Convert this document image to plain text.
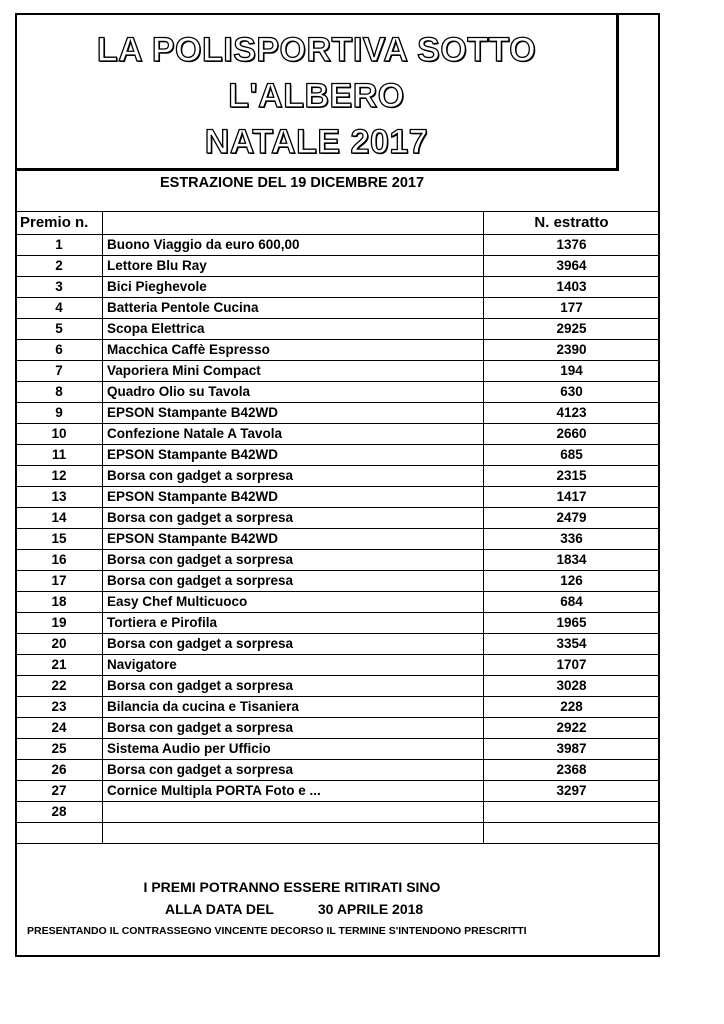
LA POLISPORTIVA SOTTO
L'ALBERO
NATALE 2017
ESTRAZIONE DEL 19 DICEMBRE 2017
Premio n.		N. estratto
1	Buono Viaggio da euro 600,00	1376
2	Lettore Blu Ray	3964
3	Bici Pieghevole	1403
4	Batteria Pentole Cucina	177
5	Scopa Elettrica	2925
6	Macchica Caffè Espresso	2390
7	Vaporiera Mini Compact	194
8	Quadro Olio su Tavola	630
9	EPSON Stampante B42WD	4123
10	Confezione Natale A Tavola	2660
11	EPSON Stampante B42WD	685
12	Borsa con gadget a sorpresa	2315
13	EPSON Stampante B42WD	1417
14	Borsa con gadget a sorpresa	2479
15	EPSON Stampante B42WD	336
16	Borsa con gadget a sorpresa	1834
17	Borsa con gadget a sorpresa	126
18	Easy Chef Multicuoco	684
19	Tortiera e Pirofila	1965
20	Borsa con gadget a sorpresa	3354
21	Navigatore	1707
22	Borsa con gadget a sorpresa	3028
23	Bilancia da cucina e Tisaniera	228
24	Borsa con gadget a sorpresa	2922
25	Sistema Audio per Ufficio	3987
26	Borsa con gadget a sorpresa	2368
27	Cornice Multipla PORTA Foto e ...	3297
28		

I PREMI POTRANNO ESSERE RITIRATI SINO
ALLA DATA DEL	30 APRILE 2018
PRESENTANDO IL CONTRASSEGNO VINCENTE DECORSO IL TERMINE S'INTENDONO PRESCRITTI
